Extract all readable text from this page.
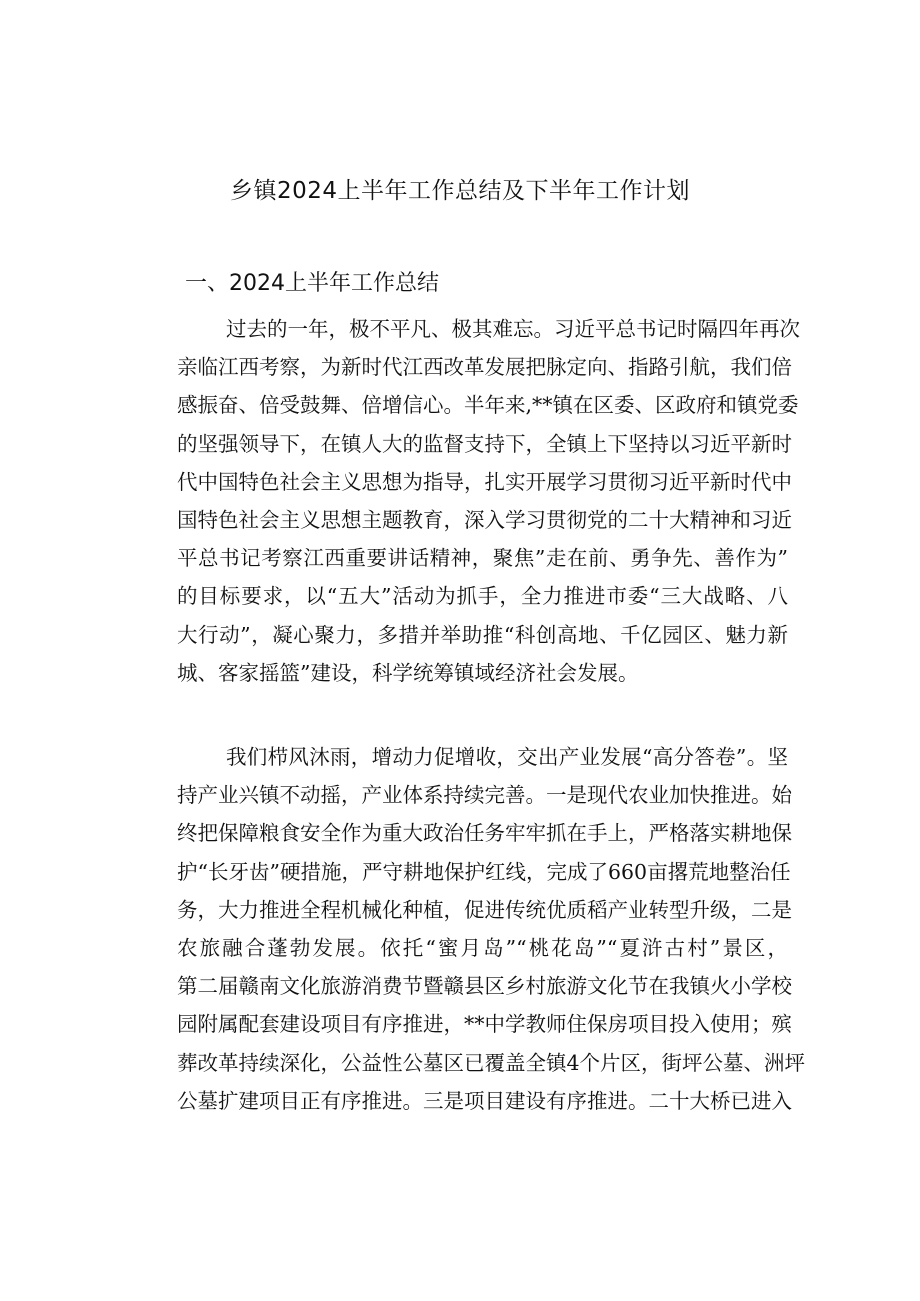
乡镇2024上半年工作总结及下半年工作计划
一、2024上半年工作总结
过去的一年，极不平凡、极其难忘。习近平总书记时隔四年再次
亲临江西考察，为新时代江西改革发展把脉定向、指路引航，我们倍
感振奋、倍受鼓舞、倍增信心。半年来,**镇在区委、区政府和镇党委
的坚强领导下，在镇人大的监督支持下，全镇上下坚持以习近平新时
代中国特色社会主义思想为指导，扎实开展学习贯彻习近平新时代中
国特色社会主义思想主题教育，深入学习贯彻党的二十大精神和习近
平总书记考察江西重要讲话精神，聚焦”走在前、勇争先、善作为”
的目标要求，以“五大”活动为抓手，全力推进市委“三大战略、八
大行动”，凝心聚力，多措并举助推“科创高地、千亿园区、魅力新
城、客家摇篮”建设，科学统筹镇域经济社会发展。
我们栉风沐雨，增动力促增收，交出产业发展“高分答卷”。坚
持产业兴镇不动摇，产业体系持续完善。一是现代农业加快推进。始
终把保障粮食安全作为重大政治任务牢牢抓在手上，严格落实耕地保
护“长牙齿”硬措施，严守耕地保护红线，完成了660亩撂荒地整治任
务，大力推进全程机械化种植，促进传统优质稻产业转型升级，二是
农旅融合蓬勃发展。依托“蜜月岛”“桃花岛”“夏浒古村”景区，
第二届赣南文化旅游消费节暨赣县区乡村旅游文化节在我镇火小学校
园附属配套建设项目有序推进，**中学教师住保房项目投入使用；殡
葬改革持续深化，公益性公墓区已覆盖全镇4个片区，街坪公墓、洲坪
公墓扩建项目正有序推进。三是项目建设有序推进。二十大桥已进入
